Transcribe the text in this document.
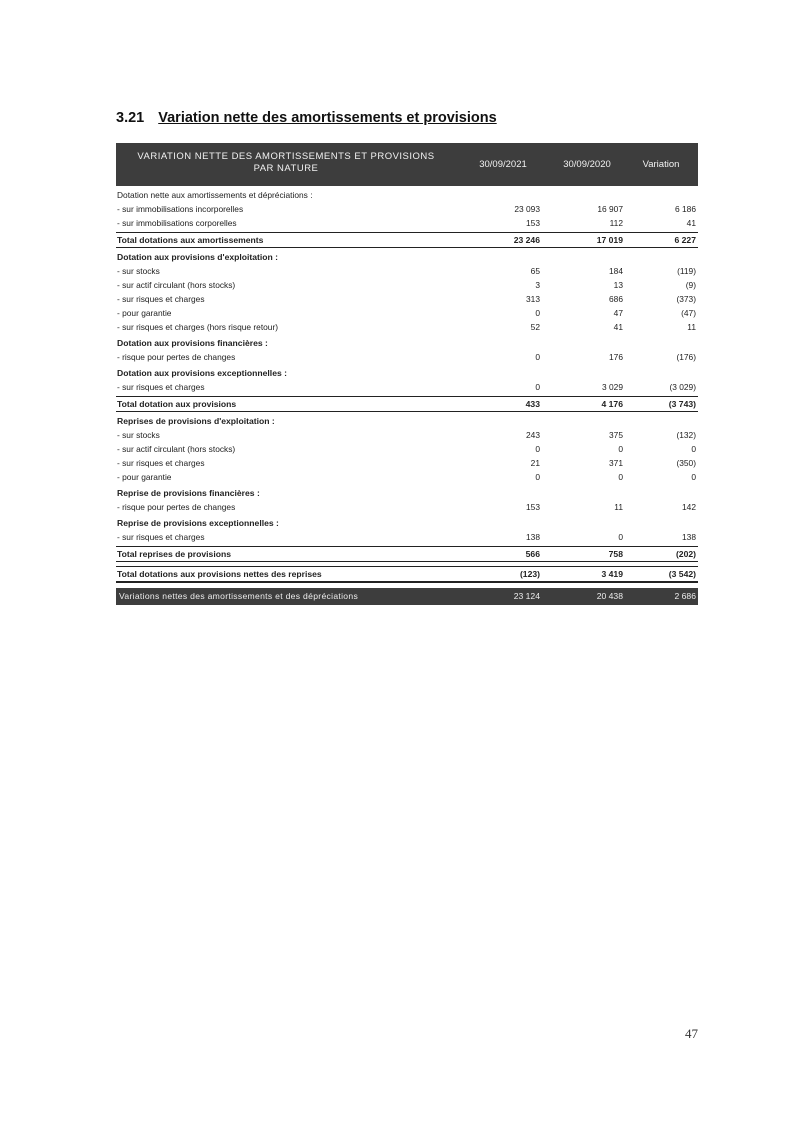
3.21 Variation nette des amortissements et provisions
VARIATION NETTE DES AMORTISSEMENTS ET PROVISIONS
PAR NATURE	30/09/2021	30/09/2020	Variation
Dotation nette aux amortissements et dépréciations :
- sur immobilisations incorporelles	23 093	16 907	6 186
- sur immobilisations corporelles	153	112	41
Total dotations aux amortissements	23 246	17 019	6 227
Dotation aux provisions d'exploitation :
- sur stocks	65	184	(119)
- sur actif circulant (hors stocks)	3	13	(9)
- sur risques et charges	313	686	(373)
- pour garantie	0	47	(47)
- sur risques et charges (hors risque retour)	52	41	11
Dotation aux provisions financières :
- risque pour pertes de changes	0	176	(176)
Dotation aux provisions exceptionnelles :
- sur risques et charges	0	3 029	(3 029)
Total dotation aux provisions	433	4 176	(3 743)
Reprises de provisions d'exploitation :
- sur stocks	243	375	(132)
- sur actif circulant (hors stocks)	0	0	0
- sur risques et charges	21	371	(350)
- pour garantie	0	0	0
Reprise de provisions financières :
- risque pour pertes de changes	153	11	142
Reprise de provisions exceptionnelles :
- sur risques et charges	138	0	138
Total reprises de provisions	566	758	(202)
Total dotations aux provisions nettes des reprises	(123)	3 419	(3 542)
Variations nettes des amortissements et des dépréciations	23 124	20 438	2 686
47
